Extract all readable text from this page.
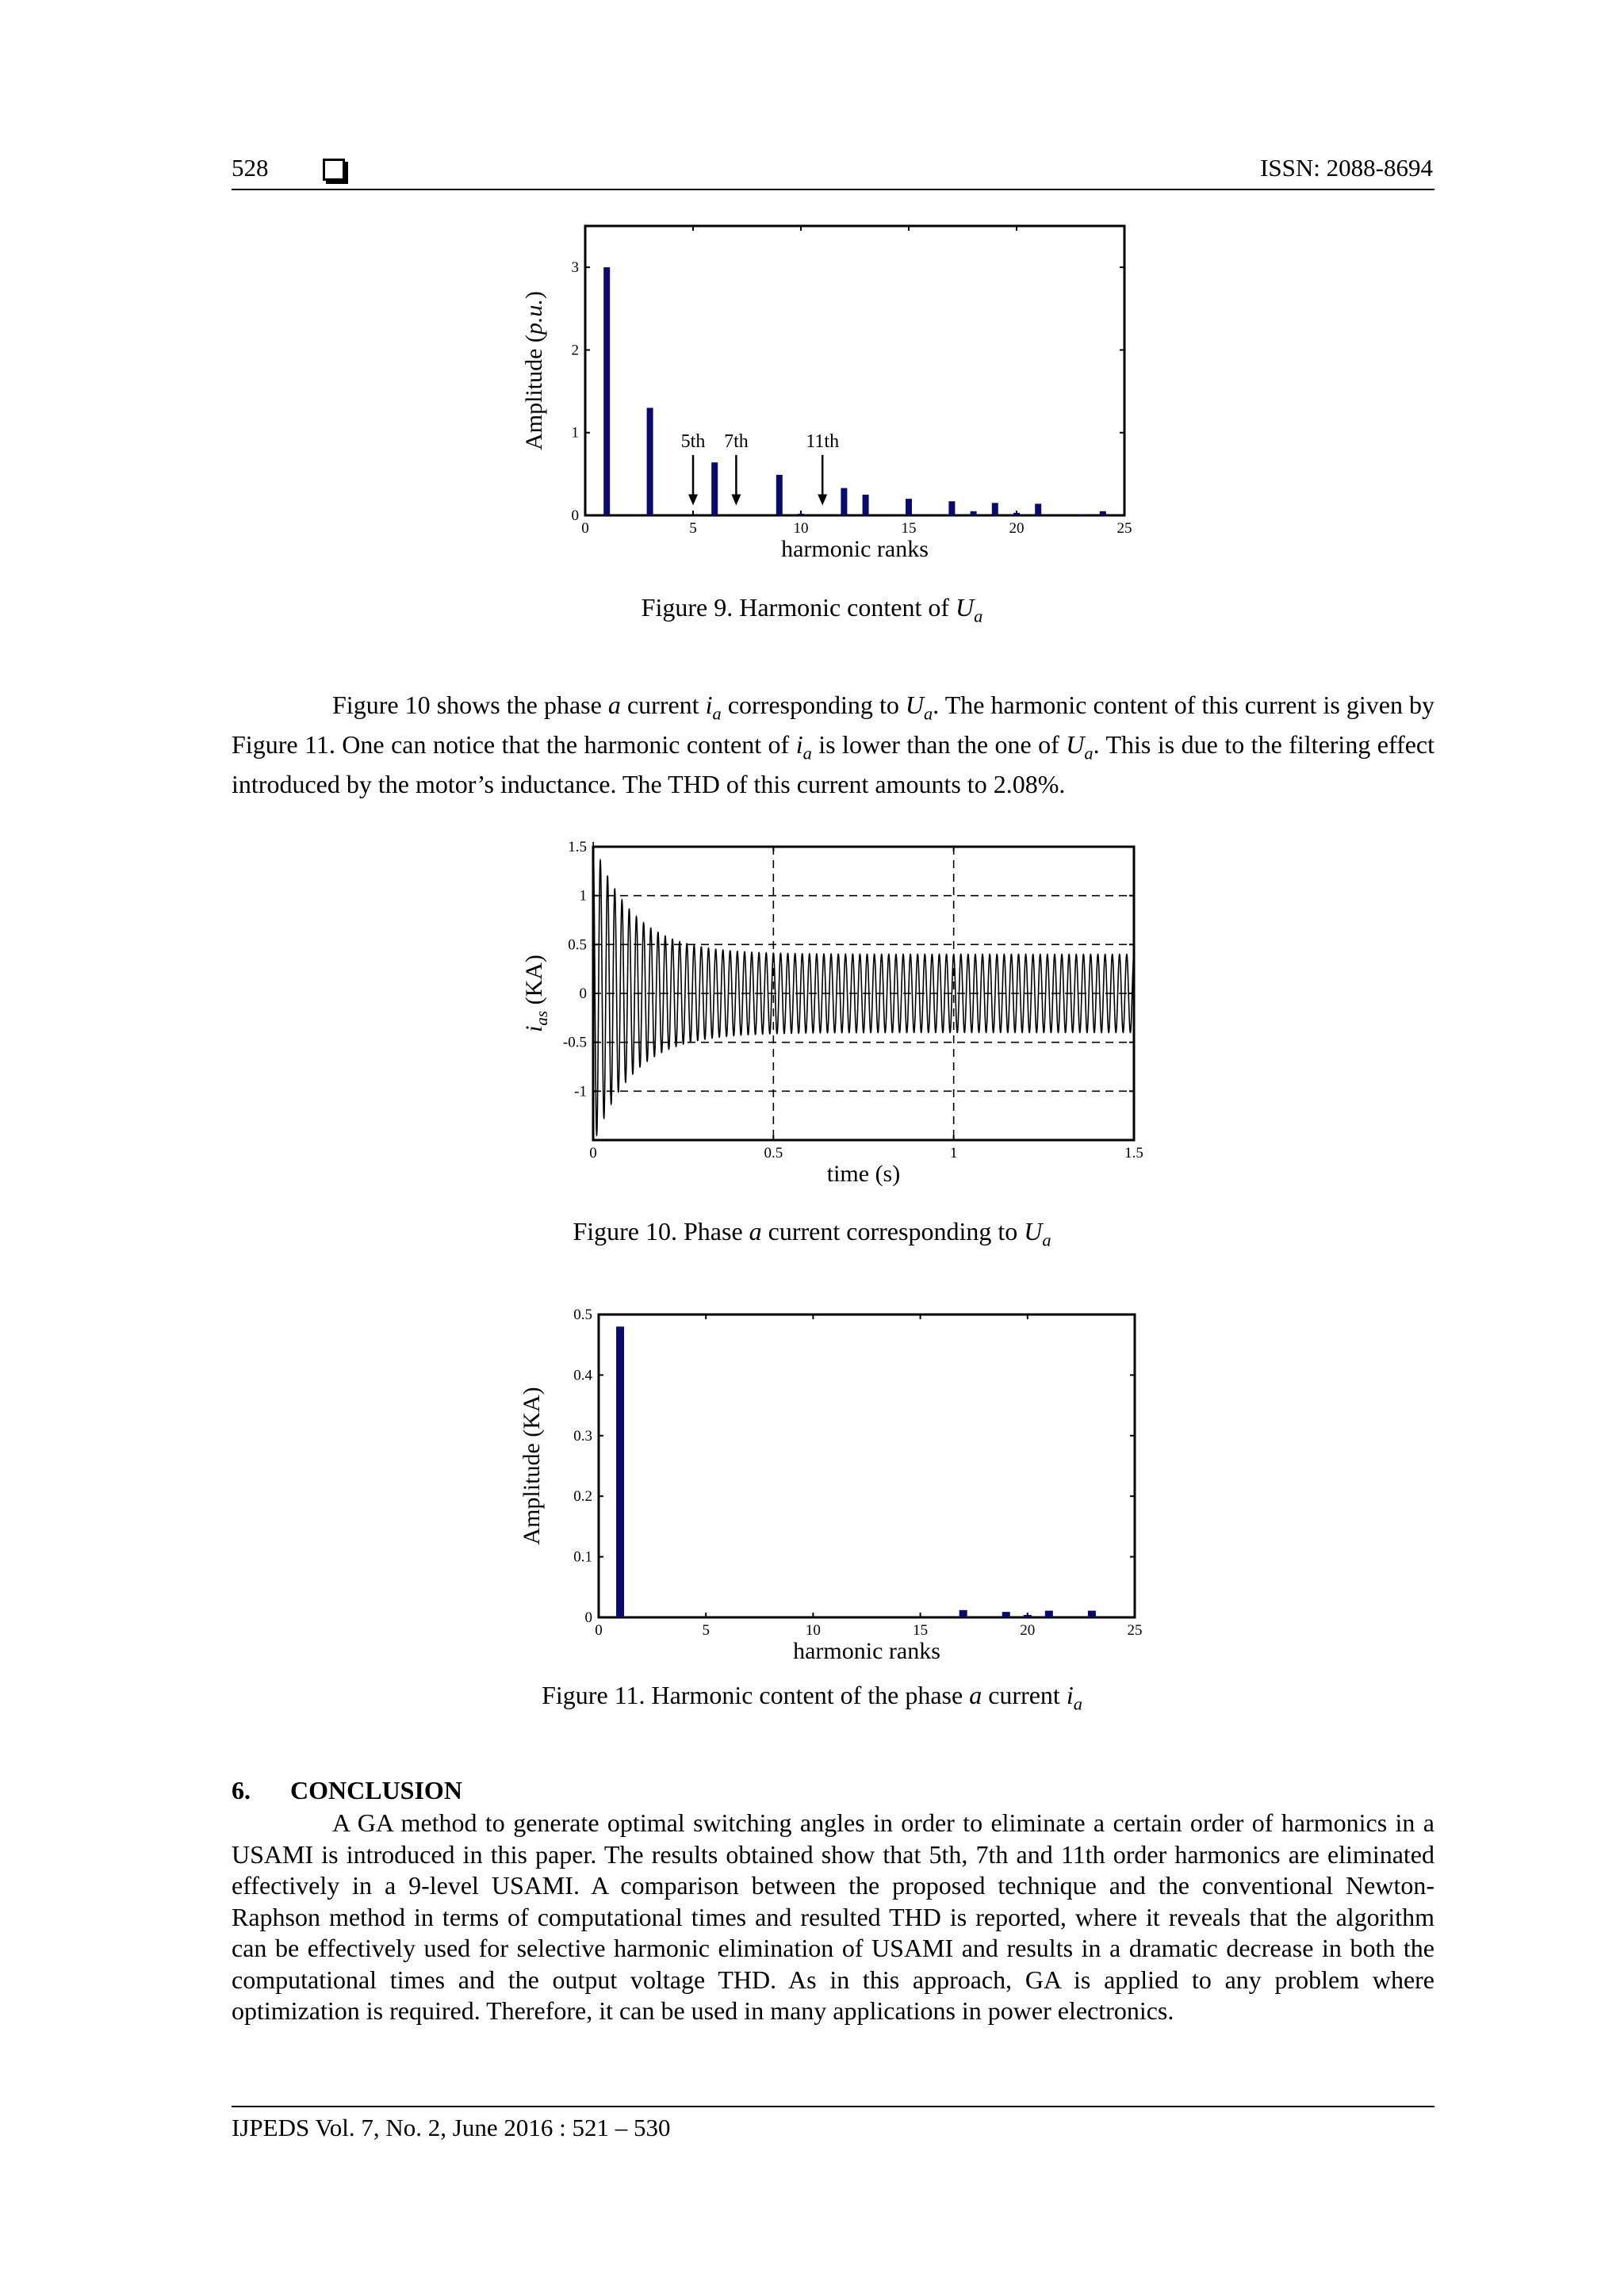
528	ISSN: 2088-8694
0	5	10	15	20	25
0
1
2
3
harmonic ranks
Amplitude (p.u.)
5th 7th	11th
Figure 9. Harmonic content of $U_a$
Figure 10 shows the phase a current $i_a$ corresponding to $U_a$. The harmonic content of this current is given by Figure 11. One can notice that the harmonic content of $i_a$ is lower than the one of $U_a$. This is due to the filtering effect introduced by the motor’s inductance. The THD of this current amounts to 2.08%.
0	0.5	1	1.5
-1
-0.5
0
0.5
1
1.5
time (s)
$i_{as}$ (KA)
Figure 10. Phase a current corresponding to $U_a$
0	5	10	15	20	25
0
0.1
0.2
0.3
0.4
0.5
harmonic ranks
Amplitude (KA)
Figure 11. Harmonic content of the phase a current $i_a$
6. CONCLUSION
A GA method to generate optimal switching angles in order to eliminate a certain order of harmonics in a USAMI is introduced in this paper. The results obtained show that 5th, 7th and 11th order harmonics are eliminated effectively in a 9-level USAMI. A comparison between the proposed technique and the conventional Newton-Raphson method in terms of computational times and resulted THD is reported, where it reveals that the algorithm can be effectively used for selective harmonic elimination of USAMI and results in a dramatic decrease in both the computational times and the output voltage THD. As in this approach, GA is applied to any problem where optimization is required. Therefore, it can be used in many applications in power electronics.
IJPEDS Vol. 7, No. 2, June 2016 : 521 – 530
